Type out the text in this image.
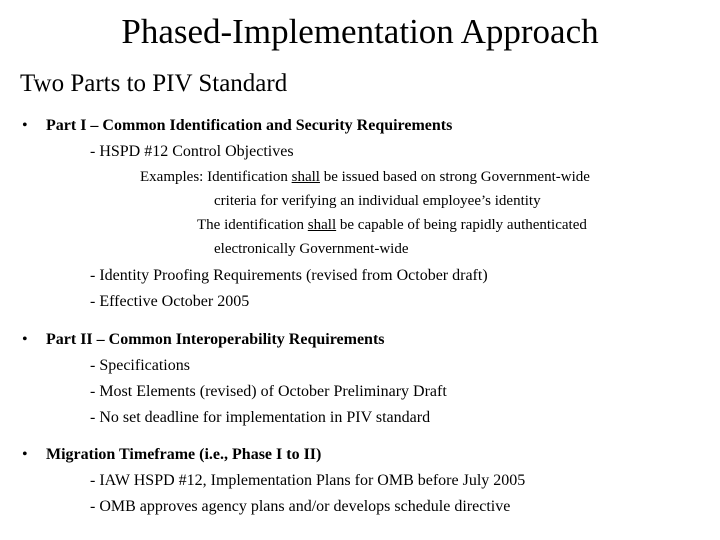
Phased-Implementation Approach
Two Parts to PIV Standard
• Part I – Common Identification and Security Requirements
- HSPD #12 Control Objectives
Examples: Identification shall be issued based on strong Government-wide
criteria for verifying an individual employee’s identity
The identification shall be capable of being rapidly authenticated
electronically Government-wide
- Identity Proofing Requirements (revised from October draft)
- Effective October 2005
• Part II – Common Interoperability Requirements
- Specifications
- Most Elements (revised) of October Preliminary Draft
- No set deadline for implementation in PIV standard
• Migration Timeframe (i.e., Phase I to II)
- IAW HSPD #12, Implementation Plans for OMB before July 2005
- OMB approves agency plans and/or develops schedule directive
